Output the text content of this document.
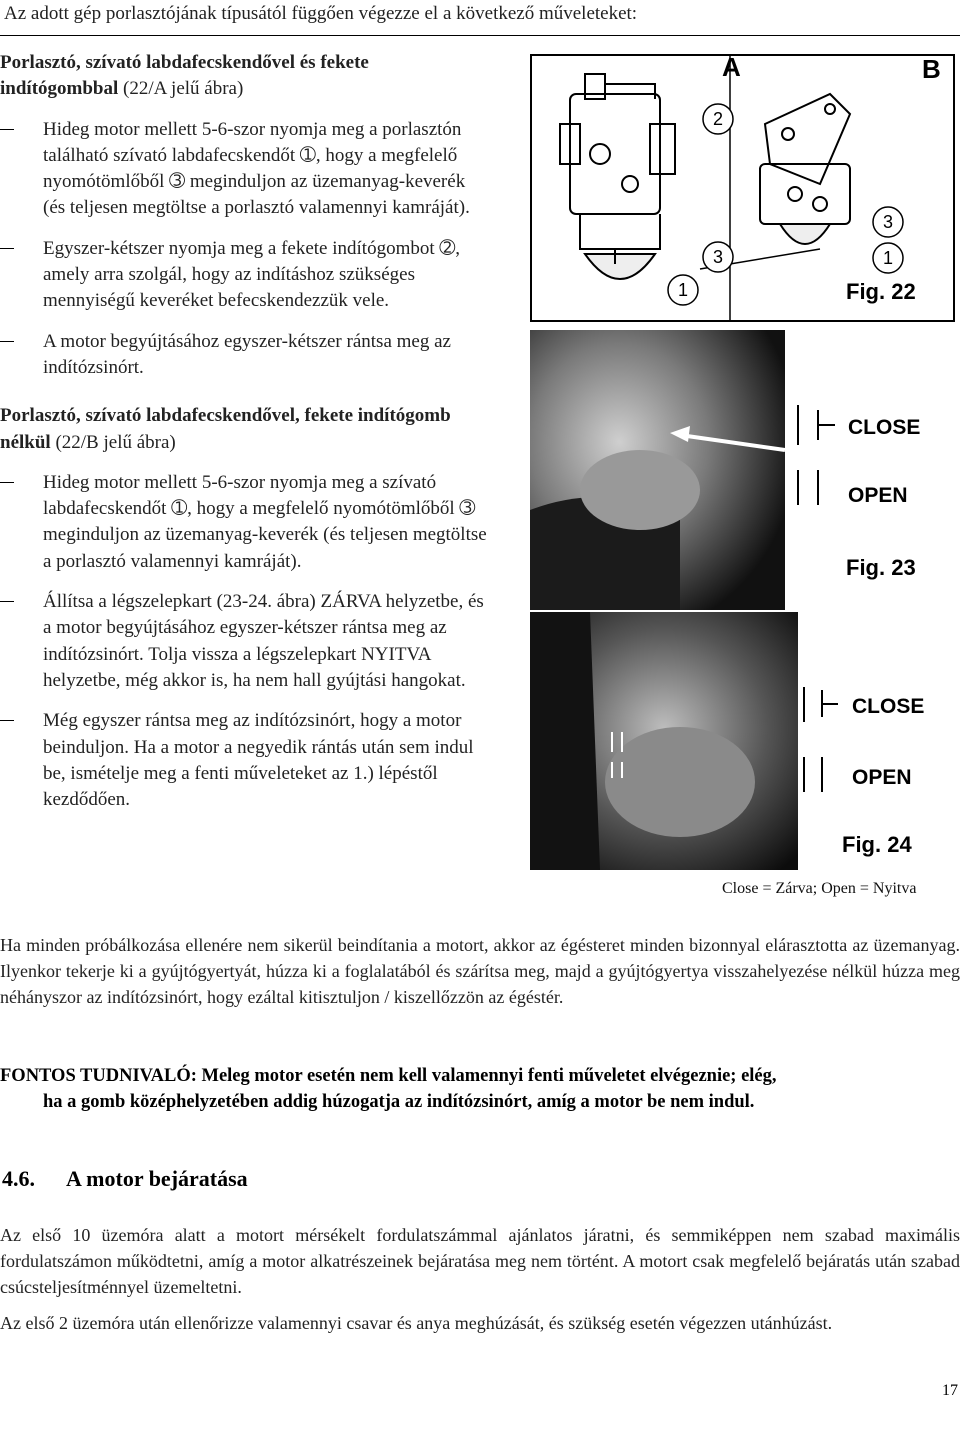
Az adott gép porlasztójának típusától függően végezze el a következő műveleteket:
Porlasztó, szívató labdafecskendővel és fekete indítógombbal (22/A jelű ábra)
Hideg motor mellett 5-6-szor nyomja meg a porlasztón található szívató labdafecskendőt ➀, hogy a megfelelő nyomótömlőből ➂ meginduljon az üzemanyag-keverék (és teljesen megtöltse a porlasztó valamennyi kamráját).
Egyszer-kétszer nyomja meg a fekete indítógombot ➁, amely arra szolgál, hogy az indításhoz szükséges mennyiségű keveréket befecskendezzük vele.
A motor begyújtásához egyszer-kétszer rántsa meg az indítózsinórt.
Porlasztó, szívató labdafecskendővel, fekete indítógomb nélkül (22/B jelű ábra)
Hideg motor mellett 5-6-szor nyomja meg a szívató labdafecskendőt ➀, hogy a megfelelő nyomótömlőből ➂ meginduljon az üzemanyag-keverék (és teljesen megtöltse a porlasztó valamennyi kamráját).
Állítsa a légszelepkart (23-24. ábra) ZÁRVA helyzetbe, és a motor begyújtásához egyszer-kétszer rántsa meg az indítózsinórt. Tolja vissza a légszelepkart NYITVA helyzetbe, még akkor is, ha nem hall gyújtási hangokat.
Még egyszer rántsa meg az indítózsinórt, hogy a motor beinduljon. Ha a motor a negyedik rántás után sem indul be, ismételje meg a fenti műveleteket az 1.) lépéstől kezdődően.
2
3
1
3
1
A	B
Fig. 22
CLOSE
OPEN
Fig. 23
CLOSE
OPEN
Fig. 24
Close = Zárva; Open = Nyitva
Ha minden próbálkozása ellenére nem sikerül beindítania a motort, akkor az égésteret minden bizonnyal elárasztotta az üzemanyag. Ilyenkor tekerje ki a gyújtógyertyát, húzza ki a foglalatából és szárítsa meg, majd a gyújtógyertya visszahelyezése nélkül húzza meg néhányszor az indítózsinórt, hogy ezáltal kitisztuljon / kiszellőzzön az égéstér.
FONTOS TUDNIVALÓ: Meleg motor esetén nem kell valamennyi fenti műveletet elvégeznie; elég,
ha a gomb középhelyzetében addig húzogatja az indítózsinórt, amíg a motor be nem indul.
4.6. A motor bejáratása
Az első 10 üzemóra alatt a motort mérsékelt fordulatszámmal ajánlatos járatni, és semmiképpen nem szabad maximális fordulatszámon működtetni, amíg a motor alkatrészeinek bejáratása meg nem történt. A motort csak megfelelő bejáratás után szabad csúcsteljesítménnyel üzemeltetni.
Az első 2 üzemóra után ellenőrizze valamennyi csavar és anya meghúzását, és szükség esetén végezzen utánhúzást.
17
